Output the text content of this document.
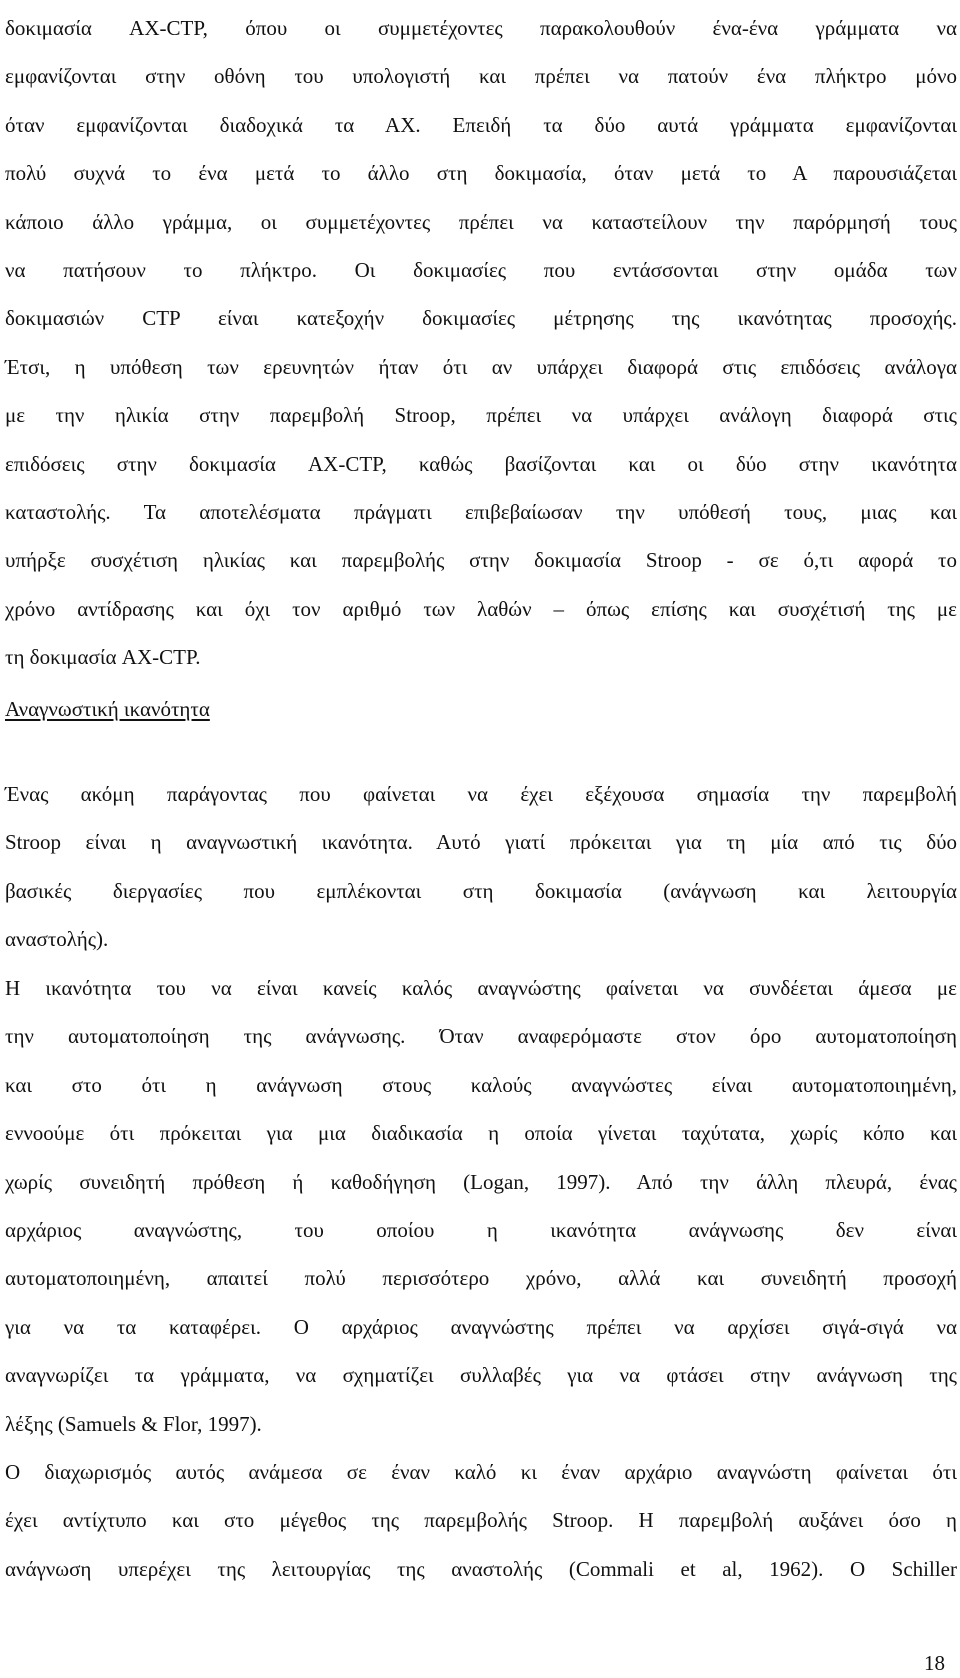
δοκιμασία AX-CTP, όπου οι συμμετέχοντες παρακολουθούν ένα-ένα γράμματα να
εμφανίζονται στην οθόνη του υπολογιστή και πρέπει να πατούν ένα πλήκτρο μόνο
όταν εμφανίζονται διαδοχικά τα ΑΧ. Επειδή τα δύο αυτά γράμματα εμφανίζονται
πολύ συχνά το ένα μετά το άλλο στη δοκιμασία, όταν μετά το Α παρουσιάζεται
κάποιο άλλο γράμμα, οι συμμετέχοντες πρέπει να καταστείλουν την παρόρμησή τους
να πατήσουν το πλήκτρο. Οι δοκιμασίες που εντάσσονται στην ομάδα των
δοκιμασιών CTP είναι κατεξοχήν δοκιμασίες μέτρησης της ικανότητας προσοχής.
Έτσι, η υπόθεση των ερευνητών ήταν ότι αν υπάρχει διαφορά στις επιδόσεις ανάλογα
με την ηλικία στην παρεμβολή Stroop, πρέπει να υπάρχει ανάλογη διαφορά στις
επιδόσεις στην δοκιμασία AX-CTP, καθώς βασίζονται και οι δύο στην ικανότητα
καταστολής. Τα αποτελέσματα πράγματι επιβεβαίωσαν την υπόθεσή τους, μιας και
υπήρξε συσχέτιση ηλικίας και παρεμβολής στην δοκιμασία Stroop - σε ό,τι αφορά το
χρόνο αντίδρασης και όχι τον αριθμό των λαθών – όπως επίσης και συσχέτισή της με
τη δοκιμασία AX-CTP.
Αναγνωστική ικανότητα
Ένας ακόμη παράγοντας που φαίνεται να έχει εξέχουσα σημασία την παρεμβολή
Stroop είναι η αναγνωστική ικανότητα. Αυτό γιατί πρόκειται για τη μία από τις δύο
βασικές διεργασίες που εμπλέκονται στη δοκιμασία (ανάγνωση και λειτουργία
αναστολής).
Η ικανότητα του να είναι κανείς καλός αναγνώστης φαίνεται να συνδέεται άμεσα με
την αυτοματοποίηση της ανάγνωσης. Όταν αναφερόμαστε στον όρο αυτοματοποίηση
και στο ότι η ανάγνωση στους καλούς αναγνώστες είναι αυτοματοποιημένη,
εννοούμε ότι πρόκειται για μια διαδικασία η οποία γίνεται ταχύτατα, χωρίς κόπο και
χωρίς συνειδητή πρόθεση ή καθοδήγηση (Logan, 1997). Από την άλλη πλευρά, ένας
αρχάριος αναγνώστης, του οποίου η ικανότητα ανάγνωσης δεν είναι
αυτοματοποιημένη, απαιτεί πολύ περισσότερο χρόνο, αλλά και συνειδητή προσοχή
για να τα καταφέρει. Ο αρχάριος αναγνώστης πρέπει να αρχίσει σιγά-σιγά να
αναγνωρίζει τα γράμματα, να σχηματίζει συλλαβές για να φτάσει στην ανάγνωση της
λέξης (Samuels & Flor, 1997).
Ο διαχωρισμός αυτός ανάμεσα σε έναν καλό κι έναν αρχάριο αναγνώστη φαίνεται ότι
έχει αντίχτυπο και στο μέγεθος της παρεμβολής Stroop. Η παρεμβολή αυξάνει όσο η
ανάγνωση υπερέχει της λειτουργίας της αναστολής (Commali et al, 1962). Ο Schiller
18
